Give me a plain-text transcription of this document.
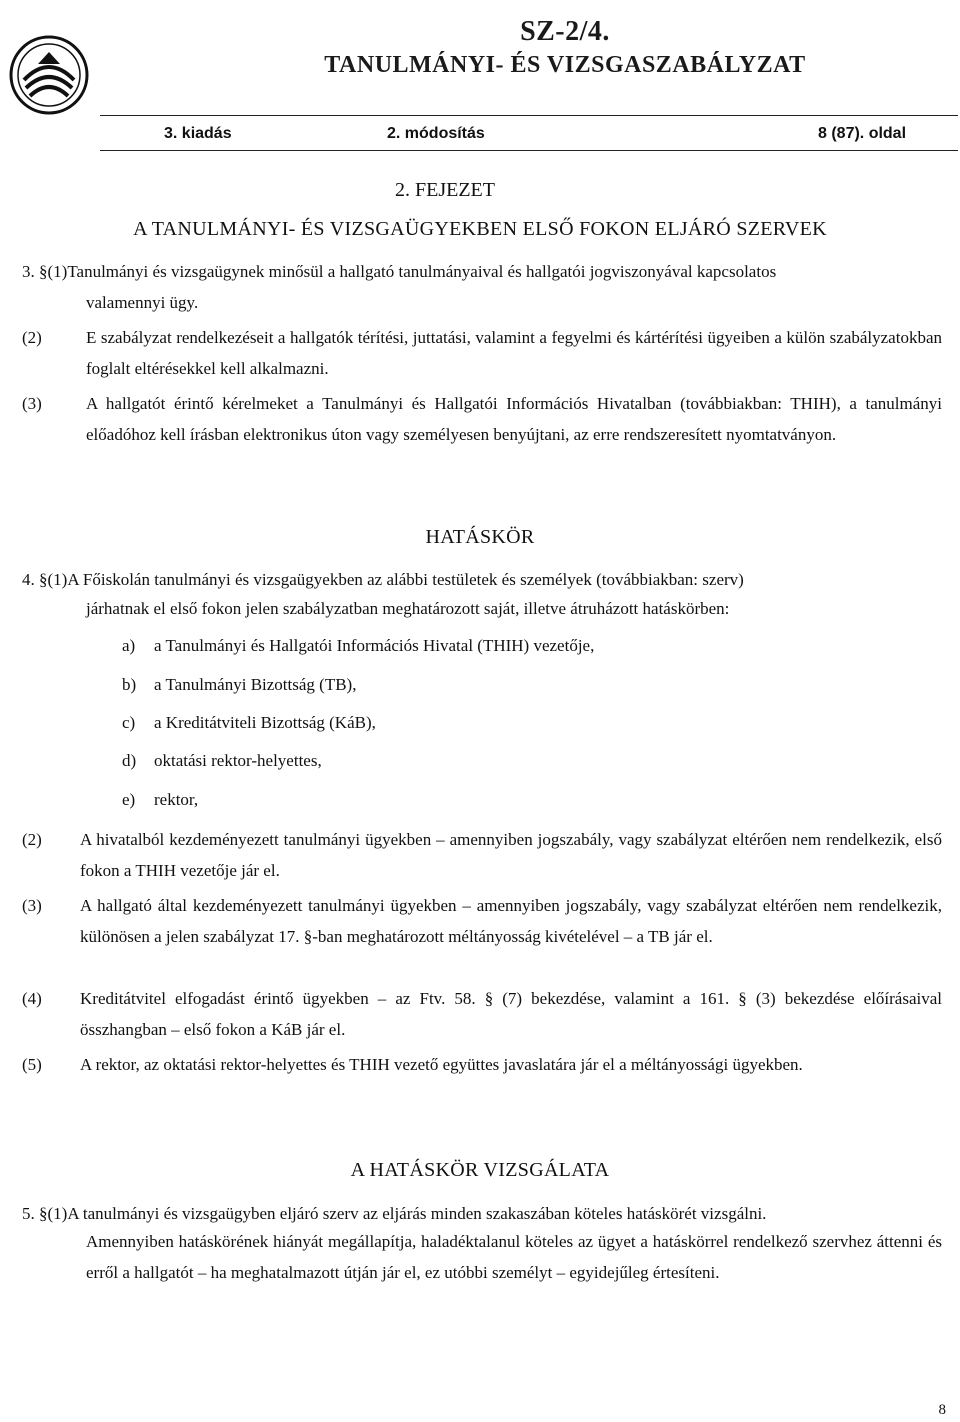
SZ-2/4.
TANULMÁNYI- ÉS VIZSGASZABÁLYZAT
3. kiadás	2. módosítás	8 (87). oldal
2. FEJEZET
A TANULMÁNYI- ÉS VIZSGAÜGYEKBEN ELSŐ FOKON ELJÁRÓ SZERVEK
3. §(1)Tanulmányi és vizsgaügynek minősül a hallgató tanulmányaival és hallgatói jogviszonyával kapcsolatos
valamennyi ügy.
(2)	E szabályzat rendelkezéseit a hallgatók térítési, juttatási, valamint a fegyelmi és kártérítési ügyeiben a külön szabályzatokban foglalt eltérésekkel kell alkalmazni.
(3)	A hallgatót érintő kérelmeket a Tanulmányi és Hallgatói Információs Hivatalban (továbbiakban: THIH), a tanulmányi előadóhoz kell írásban elektronikus úton vagy személyesen benyújtani, az erre rendszeresített nyomtatványon.
HATÁSKÖR
4. §(1)A Főiskolán tanulmányi és vizsgaügyekben az alábbi testületek és személyek (továbbiakban: szerv)
járhatnak el első fokon jelen szabályzatban meghatározott saját, illetve átruházott hatáskörben:
a) a Tanulmányi és Hallgatói Információs Hivatal (THIH) vezetője,
b) a Tanulmányi Bizottság (TB),
c) a Kreditátviteli Bizottság (KáB),
d) oktatási rektor-helyettes,
e) rektor,
(2) A hivatalból kezdeményezett tanulmányi ügyekben – amennyiben jogszabály, vagy szabályzat eltérően nem rendelkezik, első fokon a THIH vezetője jár el.
(3) A hallgató által kezdeményezett tanulmányi ügyekben – amennyiben jogszabály, vagy szabályzat eltérően nem rendelkezik, különösen a jelen szabályzat 17. §-ban meghatározott méltányosság kivételével – a TB jár el.
(4) Kreditátvitel elfogadást érintő ügyekben – az Ftv. 58. § (7) bekezdése, valamint a 161. § (3) bekezdése előírásaival összhangban – első fokon a KáB jár el.
(5) A rektor, az oktatási rektor-helyettes és THIH vezető együttes javaslatára jár el a méltányossági ügyekben.
A HATÁSKÖR VIZSGÁLATA
5. §(1)A tanulmányi és vizsgaügyben eljáró szerv az eljárás minden szakaszában köteles hatáskörét vizsgálni.
Amennyiben hatáskörének hiányát megállapítja, haladéktalanul köteles az ügyet a hatáskörrel rendelkező szervhez áttenni és erről a hallgatót – ha meghatalmazott útján jár el, ez utóbbi személyt – egyidejűleg értesíteni.
8
